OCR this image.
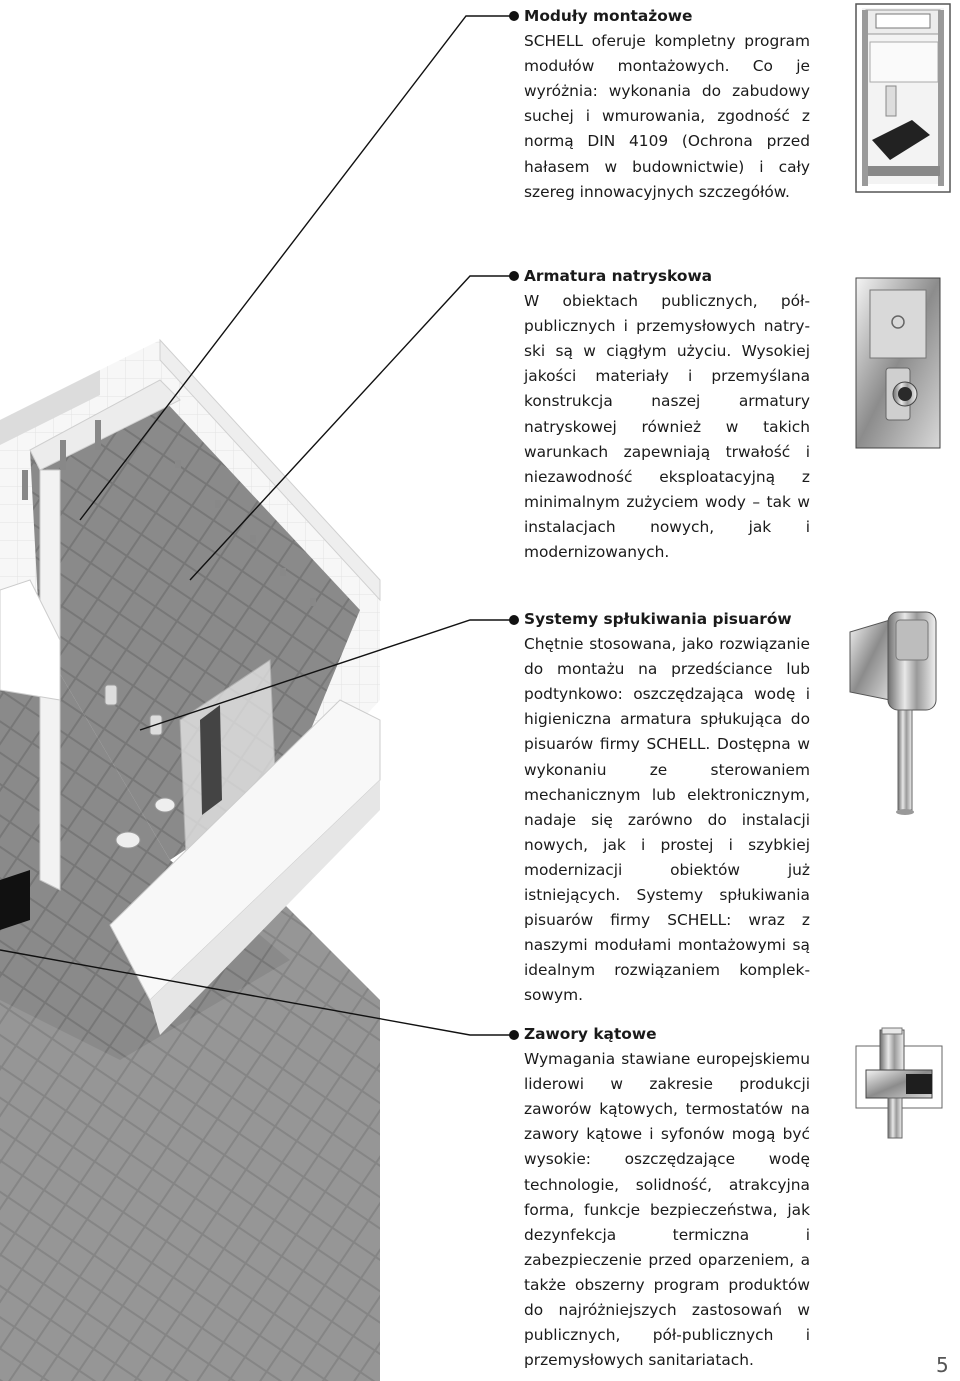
Moduły montażowe

SCHELL oferuje kompletny program modułów montażowych. Co je wyróżnia: wykonania do zabudowy suchej i wmurowania, zgodność z normą DIN 4109 (Ochrona przed hałasem w budownictwie) i cały szereg innowacyjnych szczegółów.

Armatura natryskowa

W obiektach publicznych, półpublicznych i przemysłowych natryski są w ciągłym użyciu. Wysokiej jakości materiały i przemyślana konstrukcja naszej armatury natryskowej również w takich warunkach zapewniają trwałość i niezawodność eksploatacyjną z minimalnym zużyciem wody – tak w instalacjach nowych, jak i modernizowanych.

Systemy spłukiwania pisuarów

Chętnie stosowana, jako rozwiązanie do montażu na przedściance lub podtynkowo: oszczędzająca wodę i higieniczna armatura spłukująca do pisuarów firmy SCHELL. Dostępna w wykonaniu ze sterowaniem mechanicznym lub elektronicznym, nadaje się zarówno do instalacji nowych, jak i prostej i szybkiej modernizacji obiektów już istniejących. Systemy spłukiwania pisuarów firmy SCHELL: wraz z naszymi modułami montażowymi są idealnym rozwiązaniem kompleksowym.

Zawory kątowe

Wymagania stawiane europejskiemu liderowi w zakresie produkcji zaworów kątowych, termostatów na zawory kątowe i syfonów mogą być wysokie: oszczędzające wodę technologie, solidność, atrakcyjna forma, funkcje bezpieczeństwa, jak dezynfekcja termiczna i zabezpieczenie przed oparzeniem, a także obszerny program produktów do najróżniejszych zastosowań w publicznych, pół-publicznych i przemysłowych sanitariatach.	5
